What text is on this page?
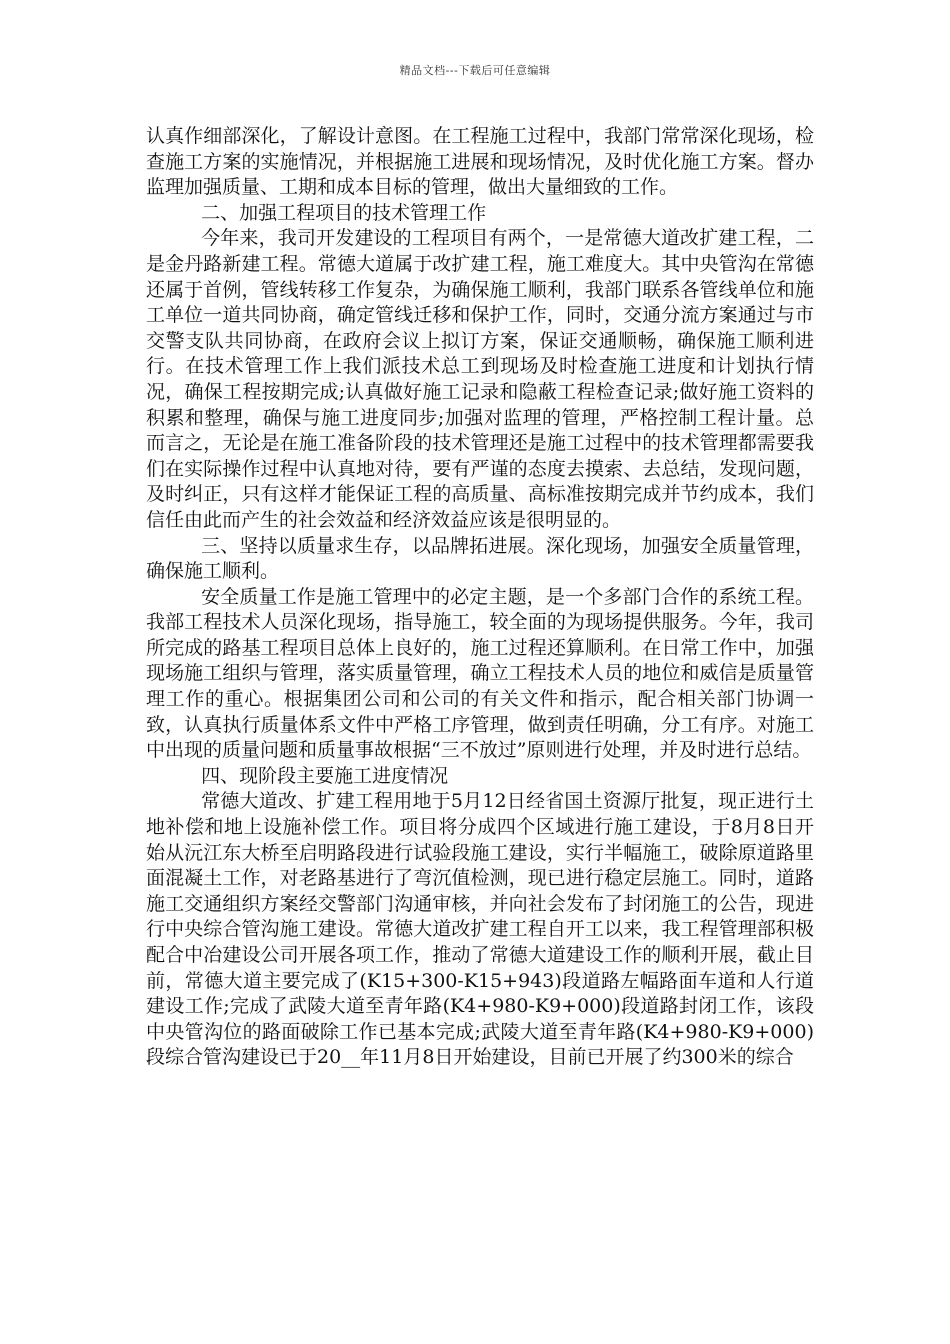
精品文档---下载后可任意编辑

认真作细部深化，了解设计意图。在工程施工过程中，我部门常常深化现场，检查施工方案的实施情况，并根据施工进展和现场情况，及时优化施工方案。督办监理加强质量、工期和成本目标的管理，做出大量细致的工作。

二、加强工程项目的技术管理工作

今年来，我司开发建设的工程项目有两个，一是常德大道改扩建工程，二是金丹路新建工程。常德大道属于改扩建工程，施工难度大。其中央管沟在常德还属于首例，管线转移工作复杂，为确保施工顺利，我部门联系各管线单位和施工单位一道共同协商，确定管线迁移和保护工作，同时，交通分流方案通过与市交警支队共同协商，在政府会议上拟订方案，保证交通顺畅，确保施工顺利进行。在技术管理工作上我们派技术总工到现场及时检查施工进度和计划执行情况，确保工程按期完成;认真做好施工记录和隐蔽工程检查记录;做好施工资料的积累和整理，确保与施工进度同步;加强对监理的管理，严格控制工程计量。总而言之，无论是在施工准备阶段的技术管理还是施工过程中的技术管理都需要我们在实际操作过程中认真地对待，要有严谨的态度去摸索、去总结，发现问题，及时纠正，只有这样才能保证工程的高质量、高标准按期完成并节约成本，我们信任由此而产生的社会效益和经济效益应该是很明显的。

三、坚持以质量求生存，以品牌拓进展。深化现场，加强安全质量管理，确保施工顺利。

安全质量工作是施工管理中的必定主题，是一个多部门合作的系统工程。我部工程技术人员深化现场，指导施工，较全面的为现场提供服务。今年，我司所完成的路基工程项目总体上良好的，施工过程还算顺利。在日常工作中，加强现场施工组织与管理，落实质量管理，确立工程技术人员的地位和威信是质量管理工作的重心。根据集团公司和公司的有关文件和指示，配合相关部门协调一致，认真执行质量体系文件中严格工序管理，做到责任明确，分工有序。对施工中出现的质量问题和质量事故根据“三不放过”原则进行处理，并及时进行总结。

四、现阶段主要施工进度情况

常德大道改、扩建工程用地于5月12日经省国土资源厅批复，现正进行土地补偿和地上设施补偿工作。项目将分成四个区域进行施工建设，于8月8日开始从沅江东大桥至启明路段进行试验段施工建设，实行半幅施工，破除原道路里面混凝土工作，对老路基进行了弯沉值检测，现已进行稳定层施工。同时，道路施工交通组织方案经交警部门沟通审核，并向社会发布了封闭施工的公告，现进行中央综合管沟施工建设。常德大道改扩建工程自开工以来，我工程管理部积极配合中冶建设公司开展各项工作，推动了常德大道建设工作的顺利开展，截止目前，常德大道主要完成了(K15+300-K15+943)段道路左幅路面车道和人行道建设工作;完成了武陵大道至青年路(K4+980-K9+000)段道路封闭工作，该段中央管沟位的路面破除工作已基本完成;武陵大道至青年路(K4+980-K9+000)段综合管沟建设已于20__年11月8日开始建设，目前已开展了约300米的综合
